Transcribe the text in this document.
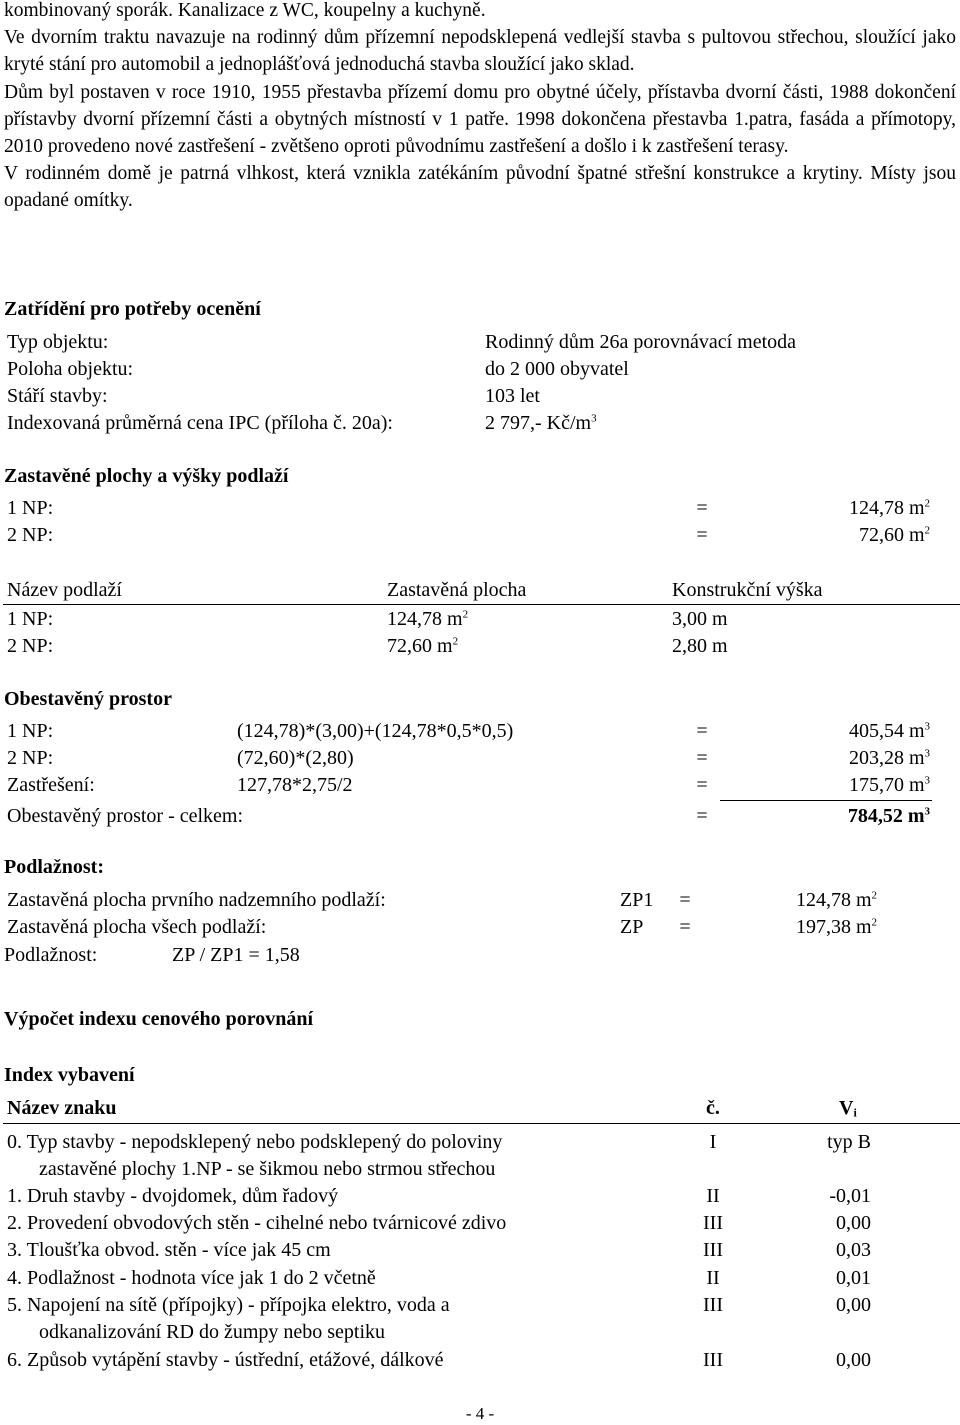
kombinovaný sporák. Kanalizace z WC, koupelny a kuchyně.

Ve dvorním traktu navazuje na rodinný dům přízemní nepodsklepená vedlejší stavba s pultovou střechou, sloužící jako kryté stání pro automobil a jednoplášťová jednoduchá stavba sloužící jako sklad.

Dům byl postaven v roce 1910, 1955 přestavba přízemí domu pro obytné účely, přístavba dvorní části, 1988 dokončení přístavby dvorní přízemní části a obytných místností v 1 patře. 1998 dokončena přestavba 1.patra, fasáda a přímotopy, 2010 provedeno nové zastřešení - zvětšeno oproti původnímu zastřešení a došlo i k zastřešení terasy.

V rodinném domě je patrná vlhkost, která vznikla zatékáním původní špatné střešní konstrukce a krytiny. Místy jsou opadané omítky.

Zatřídění pro potřeby ocenění
Typ objektu:	Rodinný dům 26a porovnávací metoda
Poloha objektu:	do 2 000 obyvatel
Stáří stavby:	103 let
Indexovaná průměrná cena IPC (příloha č. 20a):	2 797,- $Kč/m^3$
Zastavěné plochy a výšky podlaží
1 NP:	=	124,78 $m^2$
2 NP:	=	72,60 $m^2$
Název podlaží	Zastavěná plocha	Konstrukční výška
1 NP:	124,78 $m^2$	3,00 m
2 NP:	72,60 $m^2$	2,80 m
Obestavěný prostor
1 NP:	(124,78)*(3,00)+(124,78*0,5*0,5)	=	405,54 $m^3$
2 NP:	(72,60)*(2,80)	=	203,28 $m^3$
Zastřešení:	127,78*2,75/2	=	175,70 $m^3$
Obestavěný prostor - celkem:	=	784,52 $m^3$
Podlažnost:
Zastavěná plocha prvního nadzemního podlaží:	ZP1	=	124,78 $m^2$
Zastavěná plocha všech podlaží:	ZP	=	197,38 $m^2$
Podlažnost:	ZP / ZP1 = 1,58
Výpočet indexu cenového porovnání
Index vybavení
Název znaku	č.	$V_i$
0. Typ stavby - nepodsklepený nebo podsklepený do poloviny
zastavěné plochy 1.NP - se šikmou nebo strmou střechou
I	typ B
1. Druh stavby - dvojdomek, dům řadový	II	-0,01
2. Provedení obvodových stěn - cihelné nebo tvárnicové zdivo	III	0,00
3. Tloušťka obvod. stěn - více jak 45 cm	III	0,03
4. Podlažnost - hodnota více jak 1 do 2 včetně	II	0,01
5. Napojení na sítě (přípojky) - přípojka elektro, voda a
odkanalizování RD do žumpy nebo septiku
III	0,00
6. Způsob vytápění stavby - ústřední, etážové, dálkové	III	0,00
- 4 -
